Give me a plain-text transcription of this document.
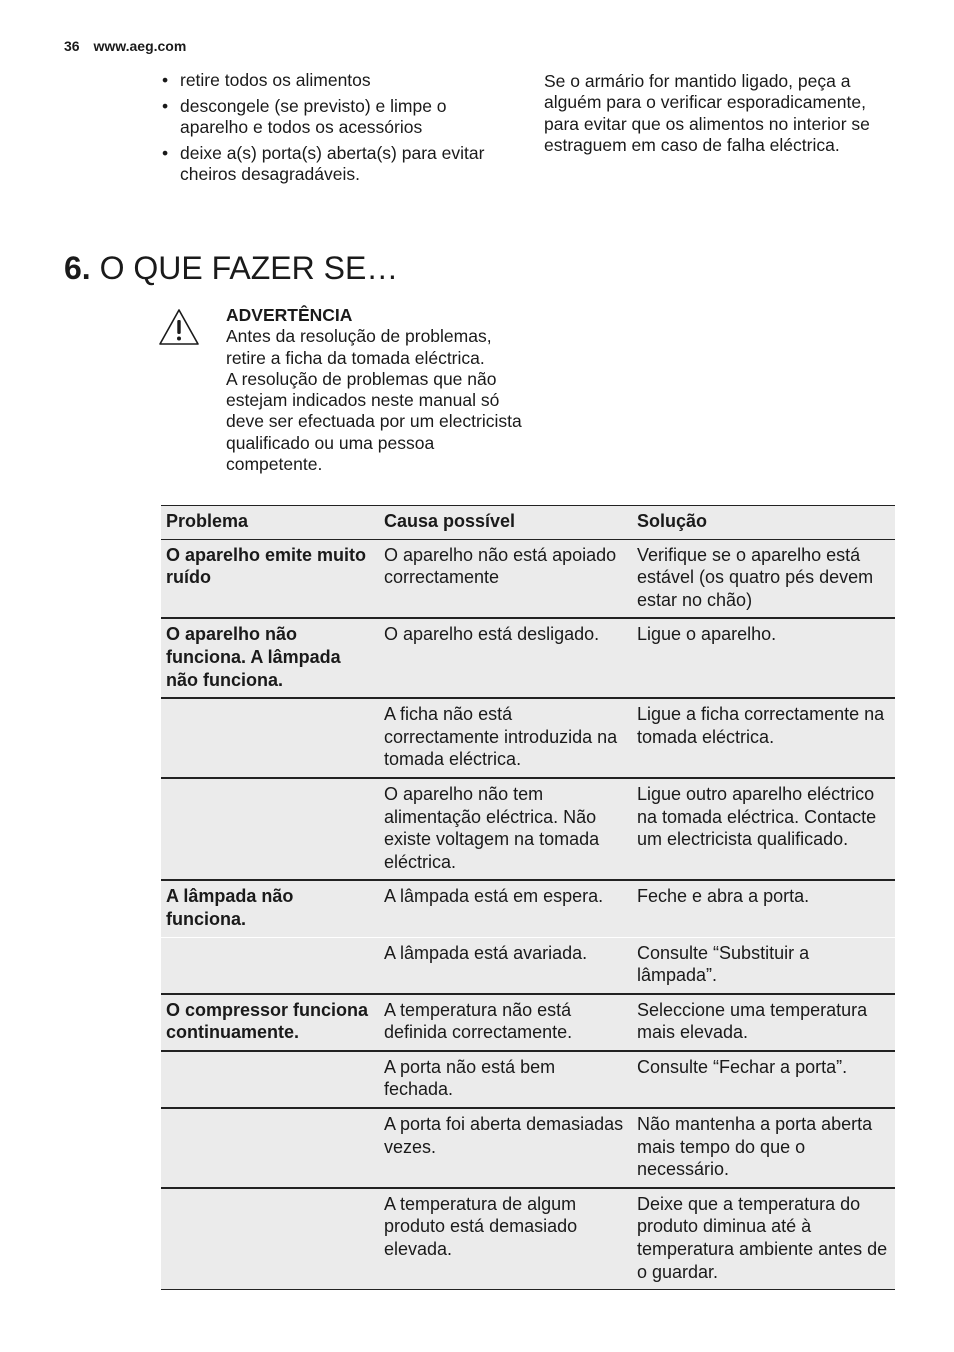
36 www.aeg.com
• retire todos os alimentos
• descongele (se previsto) e limpe o aparelho e todos os acessórios
• deixe a(s) porta(s) aberta(s) para evitar cheiros desagradáveis.
Se o armário for mantido ligado, peça a alguém para o verificar esporadicamente, para evitar que os alimentos no interior se estraguem em caso de falha eléctrica.
6. O QUE FAZER SE…

ADVERTÊNCIA

Antes da resolução de problemas, retire a ficha da tomada eléctrica.

A resolução de problemas que não estejam indicados neste manual só deve ser efectuada por um electricista qualificado ou uma pessoa competente.

Problema	Causa possível	Solução
O aparelho emite muito ruído	O aparelho não está apoiado correctamente	Verifique se o aparelho está estável (os quatro pés devem estar no chão)
O aparelho não funciona. A lâmpada não funciona.	O aparelho está desligado.	Ligue o aparelho.
	A ficha não está correctamente introduzida na tomada eléctrica.	Ligue a ficha correctamente na tomada eléctrica.
	O aparelho não tem alimentação eléctrica. Não existe voltagem na tomada eléctrica.	Ligue outro aparelho eléctrico na tomada eléctrica. Contacte um electricista qualificado.
A lâmpada não funciona.	A lâmpada está em espera.	Feche e abra a porta.
	A lâmpada está avariada.	Consulte “Substituir a lâmpada”.
O compressor funciona continuamente.	A temperatura não está definida correctamente.	Seleccione uma temperatura mais elevada.
	A porta não está bem fechada.	Consulte “Fechar a porta”.
	A porta foi aberta demasiadas vezes.	Não mantenha a porta aberta mais tempo do que o necessário.
	A temperatura de algum produto está demasiado elevada.	Deixe que a temperatura do produto diminua até à temperatura ambiente antes de o guardar.
